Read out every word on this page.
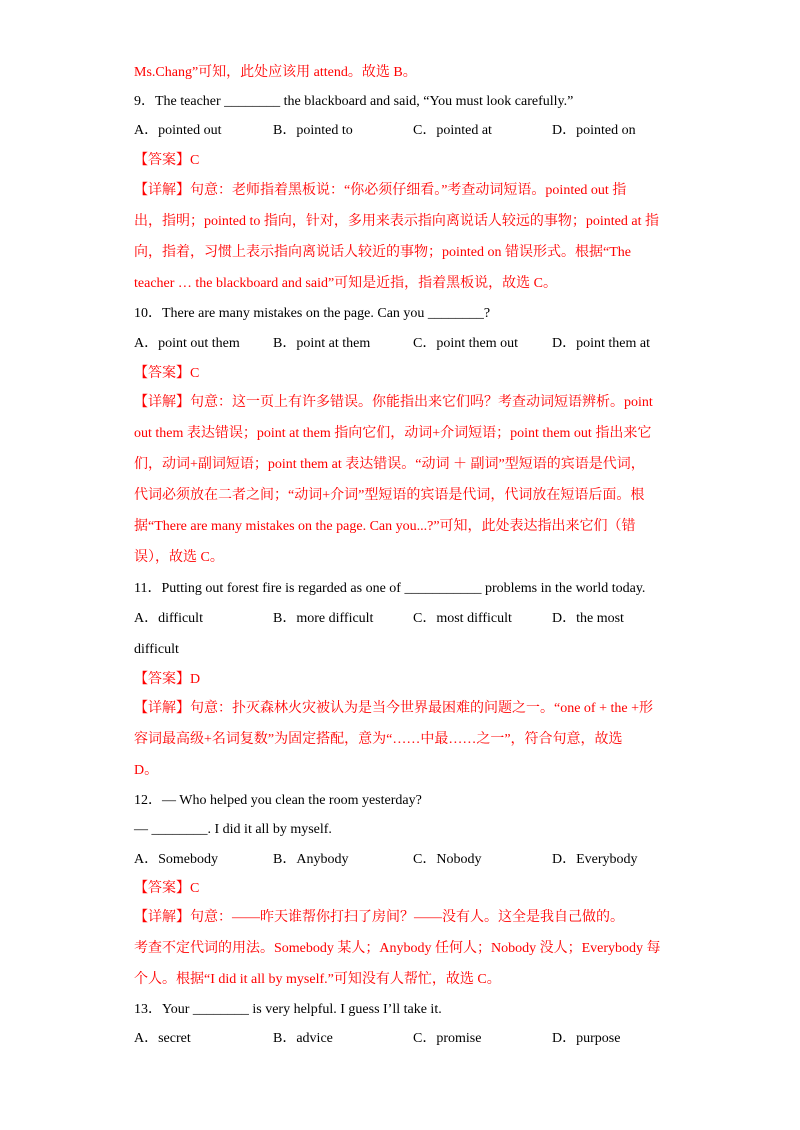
Ms.Chang”可知，此处应该用 attend。故选 B。
9．The teacher ________ the blackboard and said, “You must look carefully.”
A．pointed out	B．pointed to	C．pointed at	D．pointed on
【答案】C
【详解】句意：老师指着黑板说：“你必须仔细看。”考查动词短语。pointed out 指
出，指明；pointed to 指向，针对，多用来表示指向离说话人较远的事物；pointed at 指
向，指着，习惯上表示指向离说话人较近的事物；pointed on 错误形式。根据“The
teacher … the blackboard and said”可知是近指，指着黑板说，故选 C。
10．There are many mistakes on the page. Can you ________?
A．point out them B．point at them	C．point them out D．point them at
【答案】C
【详解】句意：这一页上有许多错误。你能指出来它们吗？考查动词短语辨析。point
out them 表达错误；point at them 指向它们，动词+介词短语；point them out 指出来它
们，动词+副词短语；point them at 表达错误。“动词 ＋ 副词”型短语的宾语是代词，
代词必须放在二者之间；“动词+介词”型短语的宾语是代词，代词放在短语后面。根
据“There are many mistakes on the page. Can you...?”可知，此处表达指出来它们（错
误），故选 C。
11．Putting out forest fire is regarded as one of ___________ problems in the world today.
A．difficult	B．more difficult	C．most difficult	D．the most
difficult
【答案】D
【详解】句意：扑灭森林火灾被认为是当今世界最困难的问题之一。“one of + the +形
容词最高级+名词复数”为固定搭配，意为“……中最……之一”，符合句意，故选
D。
12．— Who helped you clean the room yesterday?
— ________. I did it all by myself.
A．Somebody	B．Anybody	C．Nobody	D．Everybody
【答案】C
【详解】句意：——昨天谁帮你打扫了房间？——没有人。这全是我自己做的。
考查不定代词的用法。Somebody 某人；Anybody 任何人；Nobody 没人；Everybody 每
个人。根据“I did it all by myself.”可知没有人帮忙，故选 C。
13．Your ________ is very helpful. I guess I’ll take it.
A．secret	B．advice	C．promise	D．purpose
